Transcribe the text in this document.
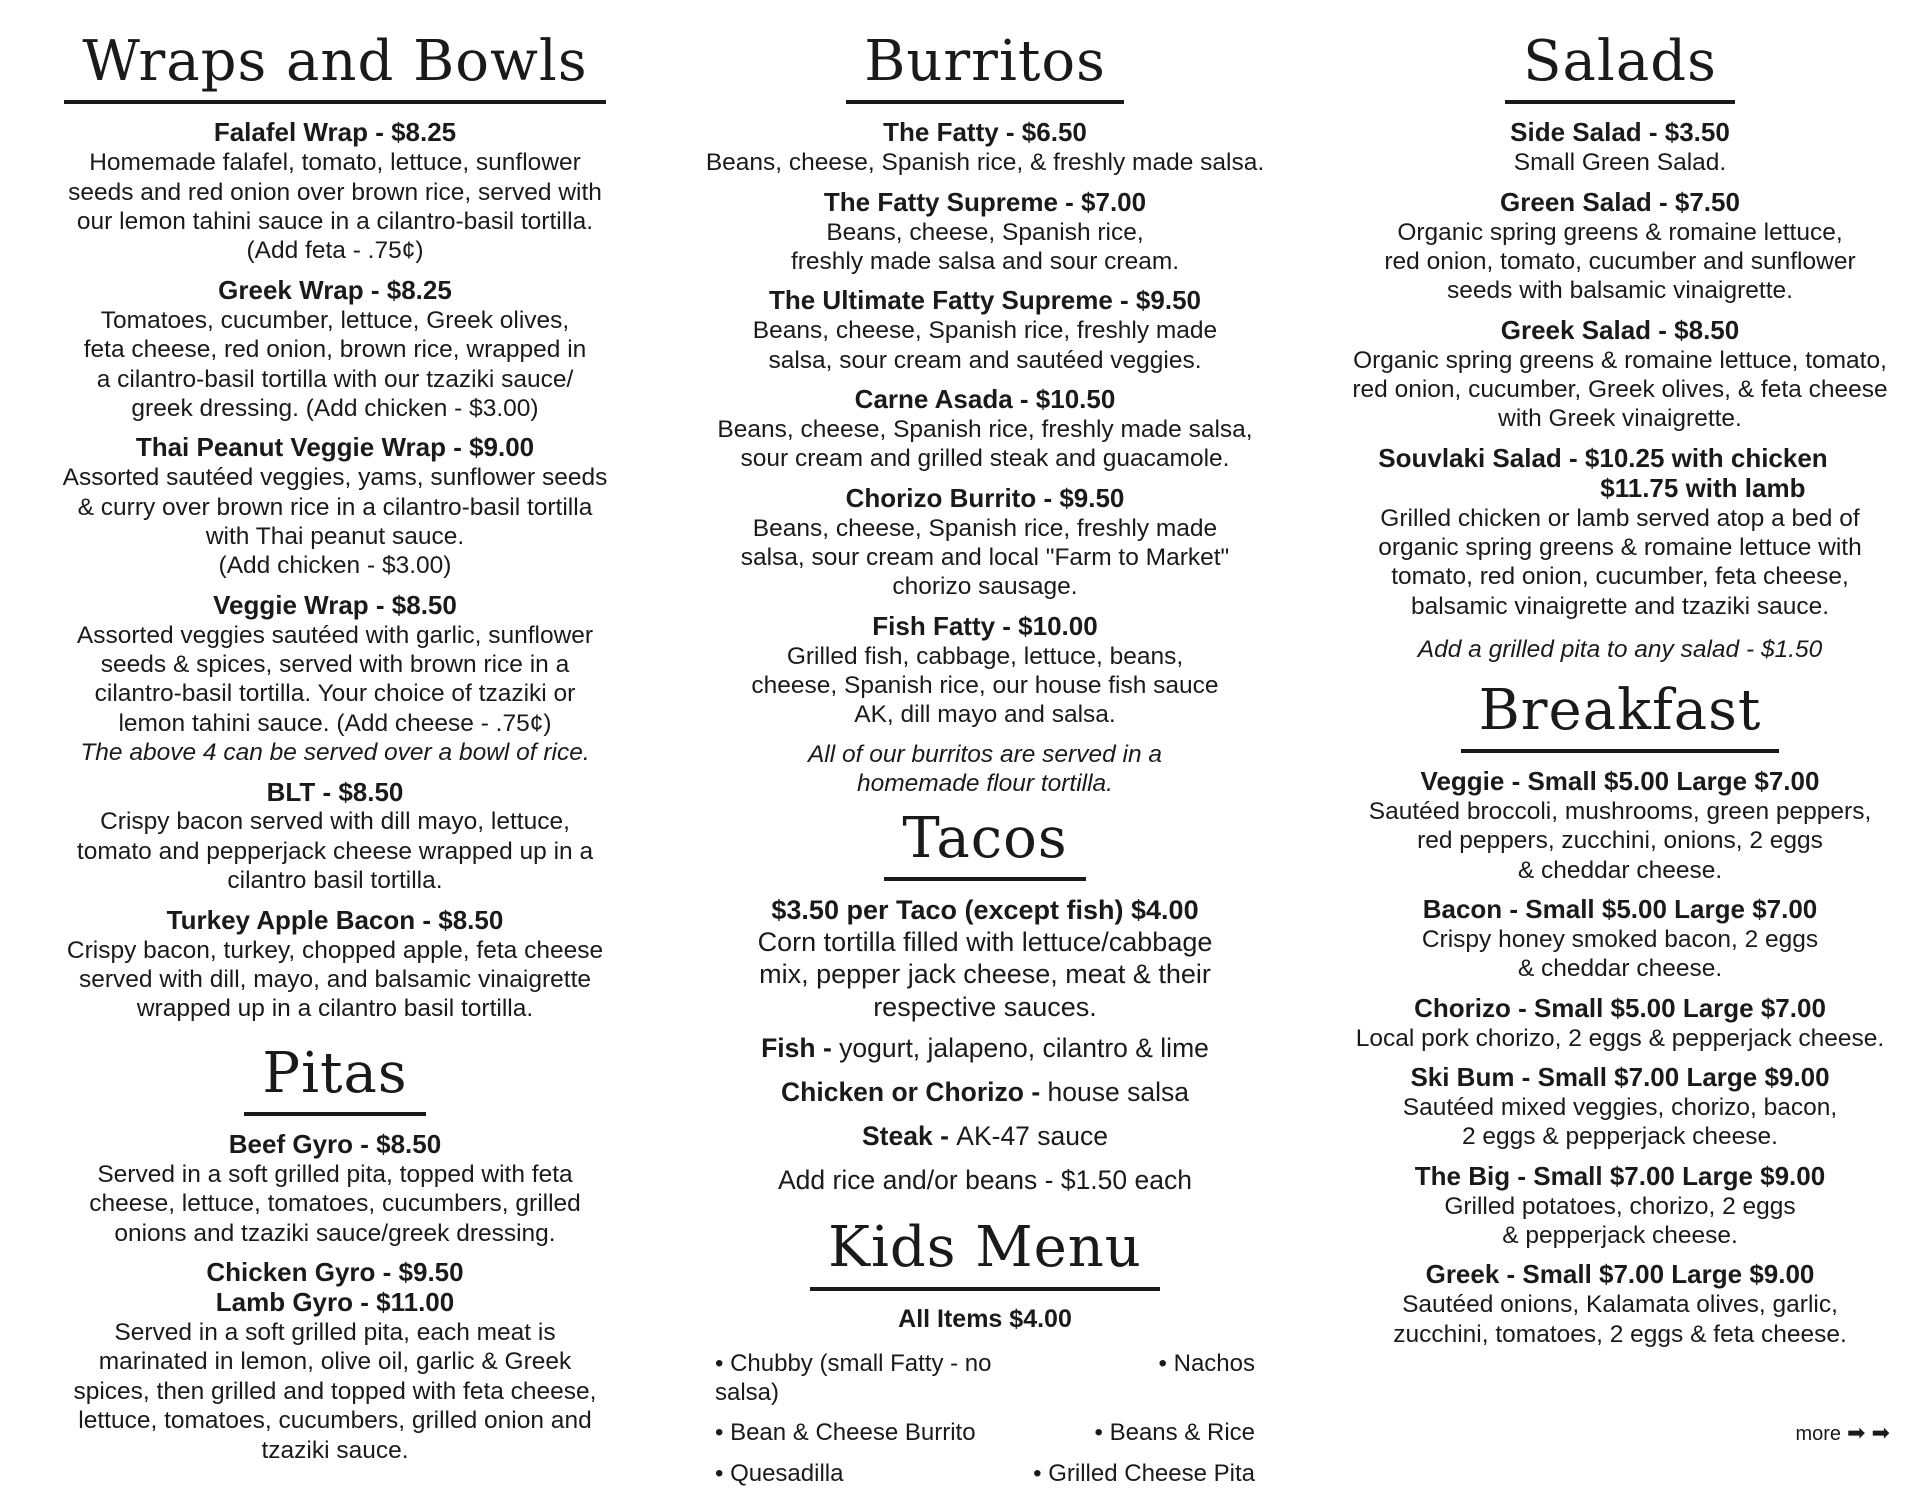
Wraps and Bowls
Falafel Wrap - $8.25
Homemade falafel, tomato, lettuce, sunflower
seeds and red onion over brown rice, served with
our lemon tahini sauce in a cilantro-basil tortilla.
(Add feta - .75¢)
Greek Wrap - $8.25
Tomatoes, cucumber, lettuce, Greek olives,
feta cheese, red onion, brown rice, wrapped in
a cilantro-basil tortilla with our tzaziki sauce/
greek dressing. (Add chicken - $3.00)
Thai Peanut Veggie Wrap - $9.00
Assorted sautéed veggies, yams, sunflower seeds
& curry over brown rice in a cilantro-basil tortilla
with Thai peanut sauce.
(Add chicken - $3.00)
Veggie Wrap - $8.50
Assorted veggies sautéed with garlic, sunflower
seeds & spices, served with brown rice in a
cilantro-basil tortilla. Your choice of tzaziki or
lemon tahini sauce. (Add cheese - .75¢)
The above 4 can be served over a bowl of rice.
BLT - $8.50
Crispy bacon served with dill mayo, lettuce,
tomato and pepperjack cheese wrapped up in a
cilantro basil tortilla.
Turkey Apple Bacon - $8.50
Crispy bacon, turkey, chopped apple, feta cheese
served with dill, mayo, and balsamic vinaigrette
wrapped up in a cilantro basil tortilla.
Pitas
Beef Gyro - $8.50
Served in a soft grilled pita, topped with feta
cheese, lettuce, tomatoes, cucumbers, grilled
onions and tzaziki sauce/greek dressing.
Chicken Gyro - $9.50
Lamb Gyro - $11.00
Served in a soft grilled pita, each meat is
marinated in lemon, olive oil, garlic & Greek
spices, then grilled and topped with feta cheese,
lettuce, tomatoes, cucumbers, grilled onion and
tzaziki sauce.
Burritos
The Fatty - $6.50
Beans, cheese, Spanish rice, & freshly made salsa.
The Fatty Supreme - $7.00
Beans, cheese, Spanish rice,
freshly made salsa and sour cream.
The Ultimate Fatty Supreme - $9.50
Beans, cheese, Spanish rice, freshly made
salsa, sour cream and sautéed veggies.
Carne Asada - $10.50
Beans, cheese, Spanish rice, freshly made salsa,
sour cream and grilled steak and guacamole.
Chorizo Burrito - $9.50
Beans, cheese, Spanish rice, freshly made
salsa, sour cream and local "Farm to Market"
chorizo sausage.
Fish Fatty - $10.00
Grilled fish, cabbage, lettuce, beans,
cheese, Spanish rice, our house fish sauce
AK, dill mayo and salsa.
All of our burritos are served in a
homemade flour tortilla.
Tacos
$3.50 per Taco (except fish) $4.00
Corn tortilla filled with lettuce/cabbage
mix, pepper jack cheese, meat & their
respective sauces.
Fish - yogurt, jalapeno, cilantro & lime
Chicken or Chorizo - house salsa
Steak - AK-47 sauce
Add rice and/or beans - $1.50 each
Kids Menu
All Items $4.00
• Chubby (small Fatty - no salsa)
• Nachos
• Bean & Cheese Burrito	• Beans & Rice
• Quesadilla	• Grilled Cheese Pita
Salads
Side Salad - $3.50
Small Green Salad.
Green Salad - $7.50
Organic spring greens & romaine lettuce,
red onion, tomato, cucumber and sunflower
seeds with balsamic vinaigrette.
Greek Salad - $8.50
Organic spring greens & romaine lettuce, tomato,
red onion, cucumber, Greek olives, & feta cheese
with Greek vinaigrette.
Souvlaki Salad - $10.25 with chicken
$11.75 with lamb
Grilled chicken or lamb served atop a bed of
organic spring greens & romaine lettuce with
tomato, red onion, cucumber, feta cheese,
balsamic vinaigrette and tzaziki sauce.
Add a grilled pita to any salad - $1.50
Breakfast
Veggie - Small $5.00 Large $7.00
Sautéed broccoli, mushrooms, green peppers,
red peppers, zucchini, onions, 2 eggs
& cheddar cheese.
Bacon - Small $5.00 Large $7.00
Crispy honey smoked bacon, 2 eggs
& cheddar cheese.
Chorizo - Small $5.00 Large $7.00
Local pork chorizo, 2 eggs & pepperjack cheese.
Ski Bum - Small $7.00 Large $9.00
Sautéed mixed veggies, chorizo, bacon,
2 eggs & pepperjack cheese.
The Big - Small $7.00 Large $9.00
Grilled potatoes, chorizo, 2 eggs
& pepperjack cheese.
Greek - Small $7.00 Large $9.00
Sautéed onions, Kalamata olives, garlic,
zucchini, tomatoes, 2 eggs & feta cheese.
more ➡ ➡
